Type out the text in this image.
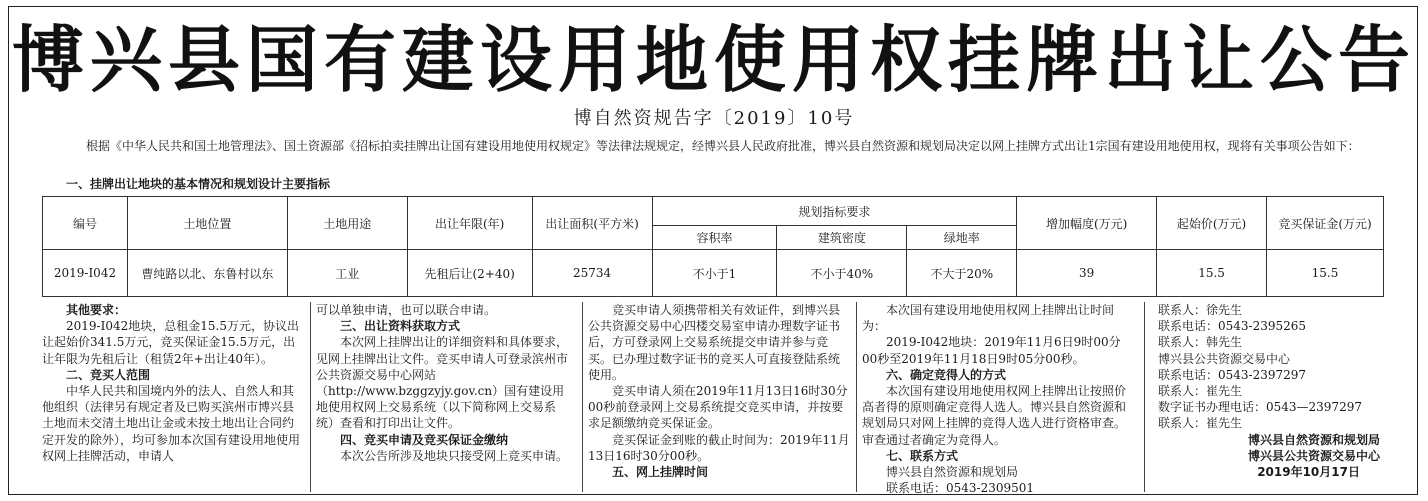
博兴县国有建设用地使用权挂牌出让公告
博自然资规告字〔2019〕10号
根据《中华人民共和国土地管理法》、国土资源部《招标拍卖挂牌出让国有建设用地使用权规定》等法律法规规定，经博兴县人民政府批准，博兴县自然资源和规划局决定以网上挂牌方式出让1宗国有建设用地使用权，现将有关事项公告如下：
一、挂牌出让地块的基本情况和规划设计主要指标
编号	土地位置	土地用途	出让年限(年)	出让面积(平方米)	规划指标要求			增加幅度(万元)	起始价(万元)	竞买保证金(万元)
					容积率	建筑密度	绿地率			
2019-I042	曹纯路以北、东鲁村以东	工业	先租后让(2+40)	25734	不小于1	不小于40%	不大于20%	39	15.5	15.5

其他要求：

2019-I042地块，总租金15.5万元，协议出让起始价341.5万元，竞买保证金15.5万元，出让年限为先租后让（租赁2年+出让40年）。

二、竞买人范围

中华人民共和国境内外的法人、自然人和其他组织（法律另有规定者及已购买滨州市博兴县土地而未交清土地出让金或未按土地出让合同约定开发的除外），均可参加本次国有建设用地使用权网上挂牌活动，申请人

可以单独申请，也可以联合申请。

三、出让资料获取方式

本次网上挂牌出让的详细资料和具体要求，见网上挂牌出让文件。竞买申请人可登录滨州市公共资源交易中心网站（http://www.bzggzyjy.gov.cn）国有建设用地使用权网上交易系统（以下简称网上交易系统）查看和打印出让文件。

四、竞买申请及竞买保证金缴纳

本次公告所涉及地块只接受网上竞买申请。

竞买申请人须携带相关有效证件，到博兴县公共资源交易中心四楼交易室申请办理数字证书后，方可登录网上交易系统提交申请并参与竞买。已办理过数字证书的竞买人可直接登陆系统使用。

竞买申请人须在2019年11月13日16时30分00秒前登录网上交易系统提交竞买申请，并按要求足额缴纳竞买保证金。

竞买保证金到账的截止时间为：2019年11月13日16时30分00秒。

五、网上挂牌时间

本次国有建设用地使用权网上挂牌出让时间为：

2019-I042地块：2019年11月6日9时00分00秒至2019年11月18日9时05分00秒。

六、确定竞得人的方式

本次国有建设用地使用权网上挂牌出让按照价高者得的原则确定竞得人选人。博兴县自然资源和规划局只对网上挂牌的竞得人选人进行资格审查。审查通过者确定为竞得人。

七、联系方式

博兴县自然资源和规划局

联系电话：0543-2309501

联系人：徐先生

联系电话：0543-2395265

联系人：韩先生

博兴县公共资源交易中心

联系电话：0543-2397297

联系人：崔先生

数字证书办理电话：0543—2397297

联系人：崔先生

博兴县自然资源和规划局

博兴县公共资源交易中心

2019年10月17日
